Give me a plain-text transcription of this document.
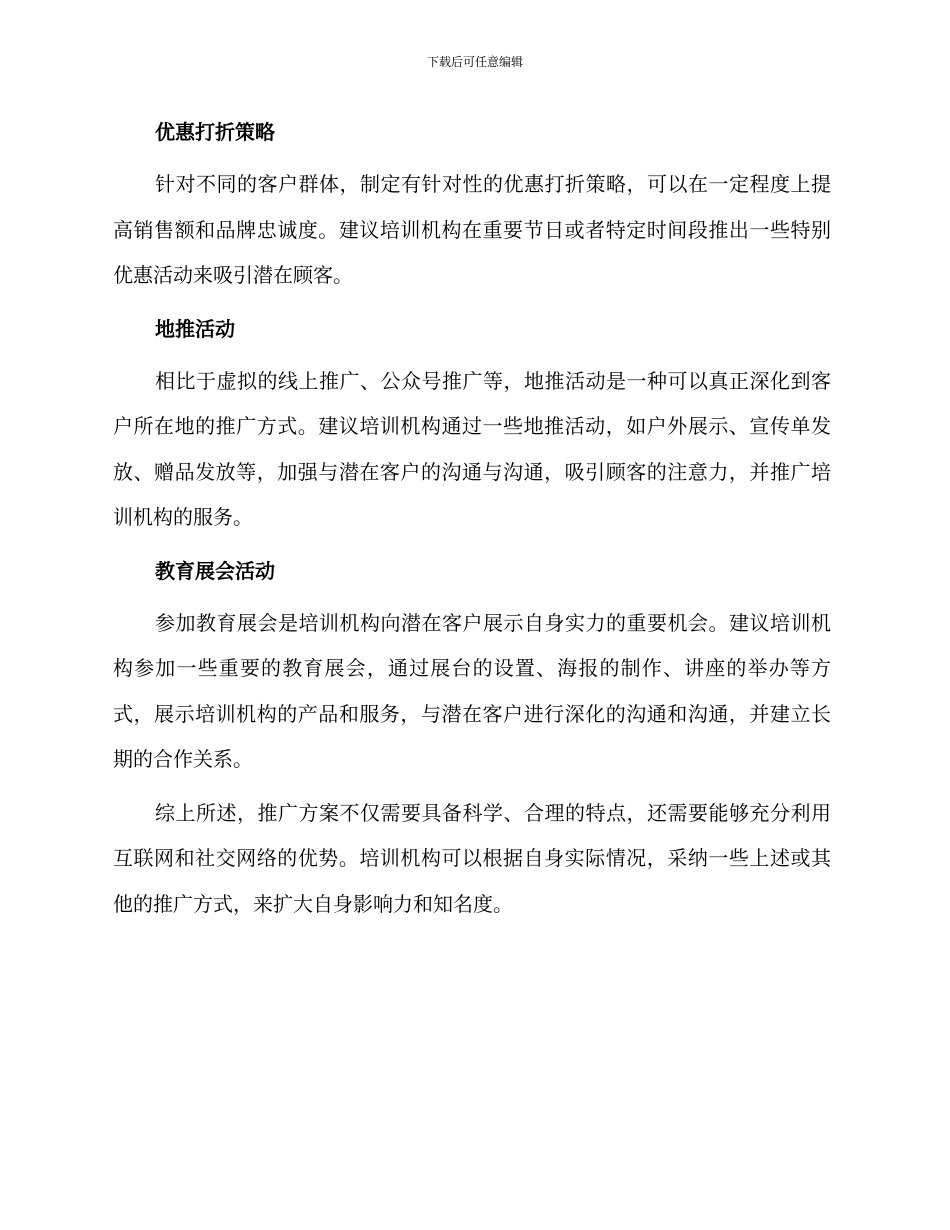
下载后可任意编辑
优惠打折策略

针对不同的客户群体，制定有针对性的优惠打折策略，可以在一定程度上提高销售额和品牌忠诚度。建议培训机构在重要节日或者特定时间段推出一些特别优惠活动来吸引潜在顾客。

地推活动

相比于虚拟的线上推广、公众号推广等，地推活动是一种可以真正深化到客户所在地的推广方式。建议培训机构通过一些地推活动，如户外展示、宣传单发放、赠品发放等，加强与潜在客户的沟通与沟通，吸引顾客的注意力，并推广培训机构的服务。

教育展会活动

参加教育展会是培训机构向潜在客户展示自身实力的重要机会。建议培训机构参加一些重要的教育展会，通过展台的设置、海报的制作、讲座的举办等方式，展示培训机构的产品和服务，与潜在客户进行深化的沟通和沟通，并建立长期的合作关系。

综上所述，推广方案不仅需要具备科学、合理的特点，还需要能够充分利用互联网和社交网络的优势。培训机构可以根据自身实际情况，采纳一些上述或其他的推广方式，来扩大自身影响力和知名度。
